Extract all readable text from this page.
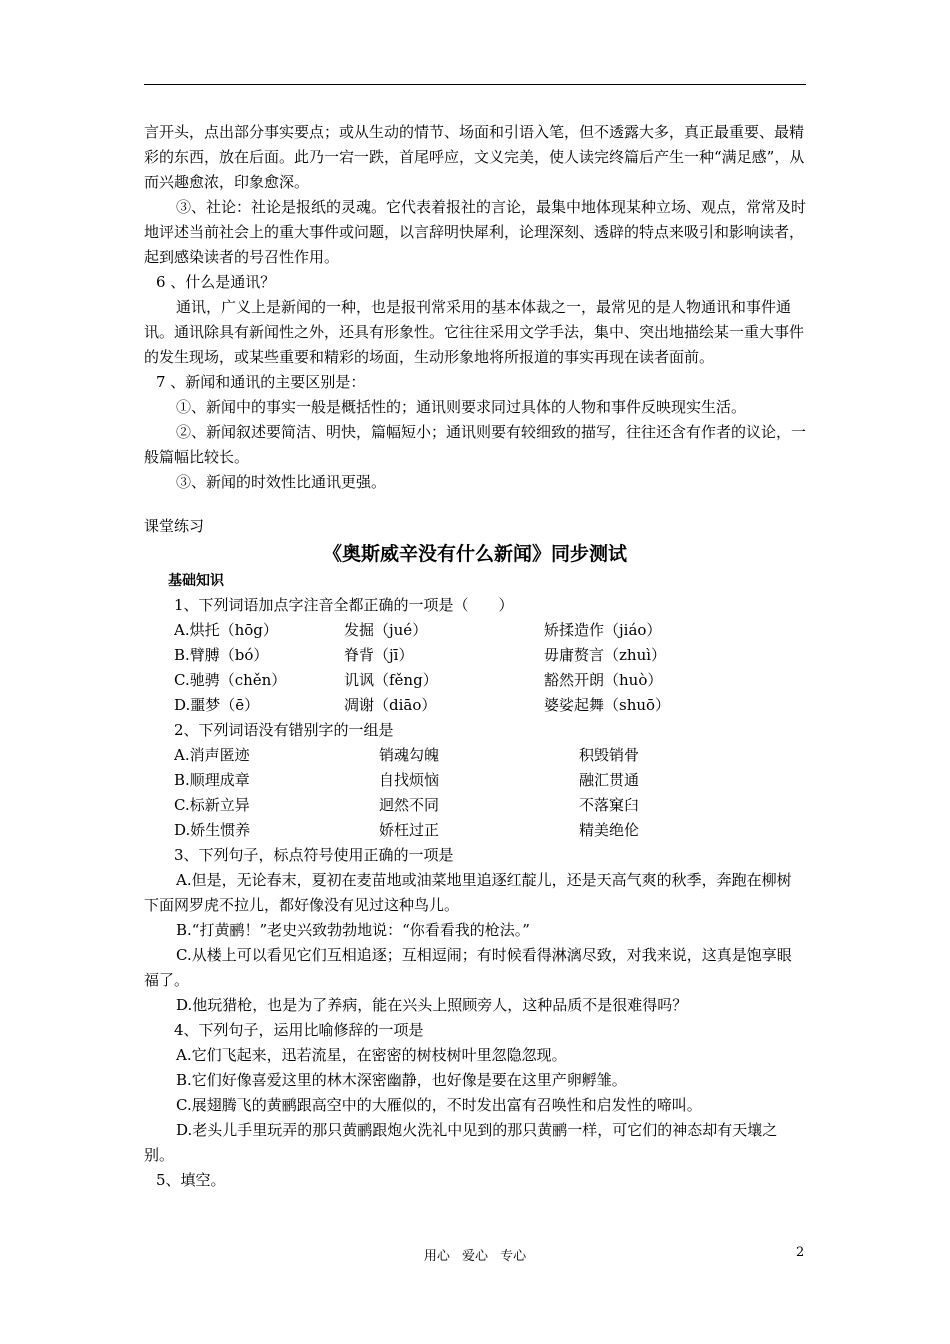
言开头，点出部分事实要点；或从生动的情节、场面和引语入笔，但不透露大多，真正最重要、最精彩的东西，放在后面。此乃一宕一跌，首尾呼应，文义完美，使人读完终篇后产生一种“满足感”，从而兴趣愈浓，印象愈深。

③、社论：社论是报纸的灵魂。它代表着报社的言论，最集中地体现某种立场、观点，常常及时地评述当前社会上的重大事件或问题，以言辞明快犀利，论理深刻、透辟的特点来吸引和影响读者，起到感染读者的号召性作用。

6 、什么是通讯？

通讯，广义上是新闻的一种，也是报刊常采用的基本体裁之一，最常见的是人物通讯和事件通讯。通讯除具有新闻性之外，还具有形象性。它往往采用文学手法，集中、突出地描绘某一重大事件的发生现场，或某些重要和精彩的场面，生动形象地将所报道的事实再现在读者面前。

7 、新闻和通讯的主要区别是：

①、新闻中的事实一般是概括性的；通讯则要求同过具体的人物和事件反映现实生活。

②、新闻叙述要简洁、明快，篇幅短小；通讯则要有较细致的描写，往往还含有作者的议论，一般篇幅比较长。

③、新闻的时效性比通讯更强。

课堂练习

《奥斯威辛没有什么新闻》同步测试

基础知识

1、下列词语加点字注音全都正确的一项是（　　）

A.烘托（hōg）	发掘（jué）	矫揉造作（jiáo）
B.臂膊（bó）	脊背（jī）	毋庸赘言（zhuì）
C.驰骋（chěn）	讥讽（fěng）	豁然开朗（huò）
D.噩梦（ē）	凋谢（diāo）	婆娑起舞（shuō）

2、下列词语没有错别字的一组是

A.消声匿迹	销魂勾魄	积毁销骨
B.顺理成章	自找烦恼	融汇贯通
C.标新立异	迥然不同	不落窠臼
D.娇生惯养	娇枉过正	精美绝伦

3、下列句子，标点符号使用正确的一项是

A.但是，无论春末，夏初在麦苗地或油菜地里追逐红靛儿，还是天高气爽的秋季，奔跑在柳树下面网罗虎不拉儿，都好像没有见过这种鸟儿。

B.“打黄鹂！”老史兴致勃勃地说：“你看看我的枪法。”

C.从楼上可以看见它们互相追逐；互相逗闹；有时候看得淋漓尽致，对我来说，这真是饱享眼福了。

D.他玩猎枪，也是为了养病，能在兴头上照顾旁人，这种品质不是很难得吗？

4、下列句子，运用比喻修辞的一项是

A.它们飞起来，迅若流星，在密密的树枝树叶里忽隐忽现。

B.它们好像喜爱这里的林木深密幽静，也好像是要在这里产卵孵雏。

C.展翅腾飞的黄鹂跟高空中的大雁似的，不时发出富有召唤性和启发性的啼叫。

D.老头儿手里玩弄的那只黄鹂跟炮火洗礼中见到的那只黄鹂一样，可它们的神态却有天壤之别。

5、填空。

用心 爱心 专心	2
